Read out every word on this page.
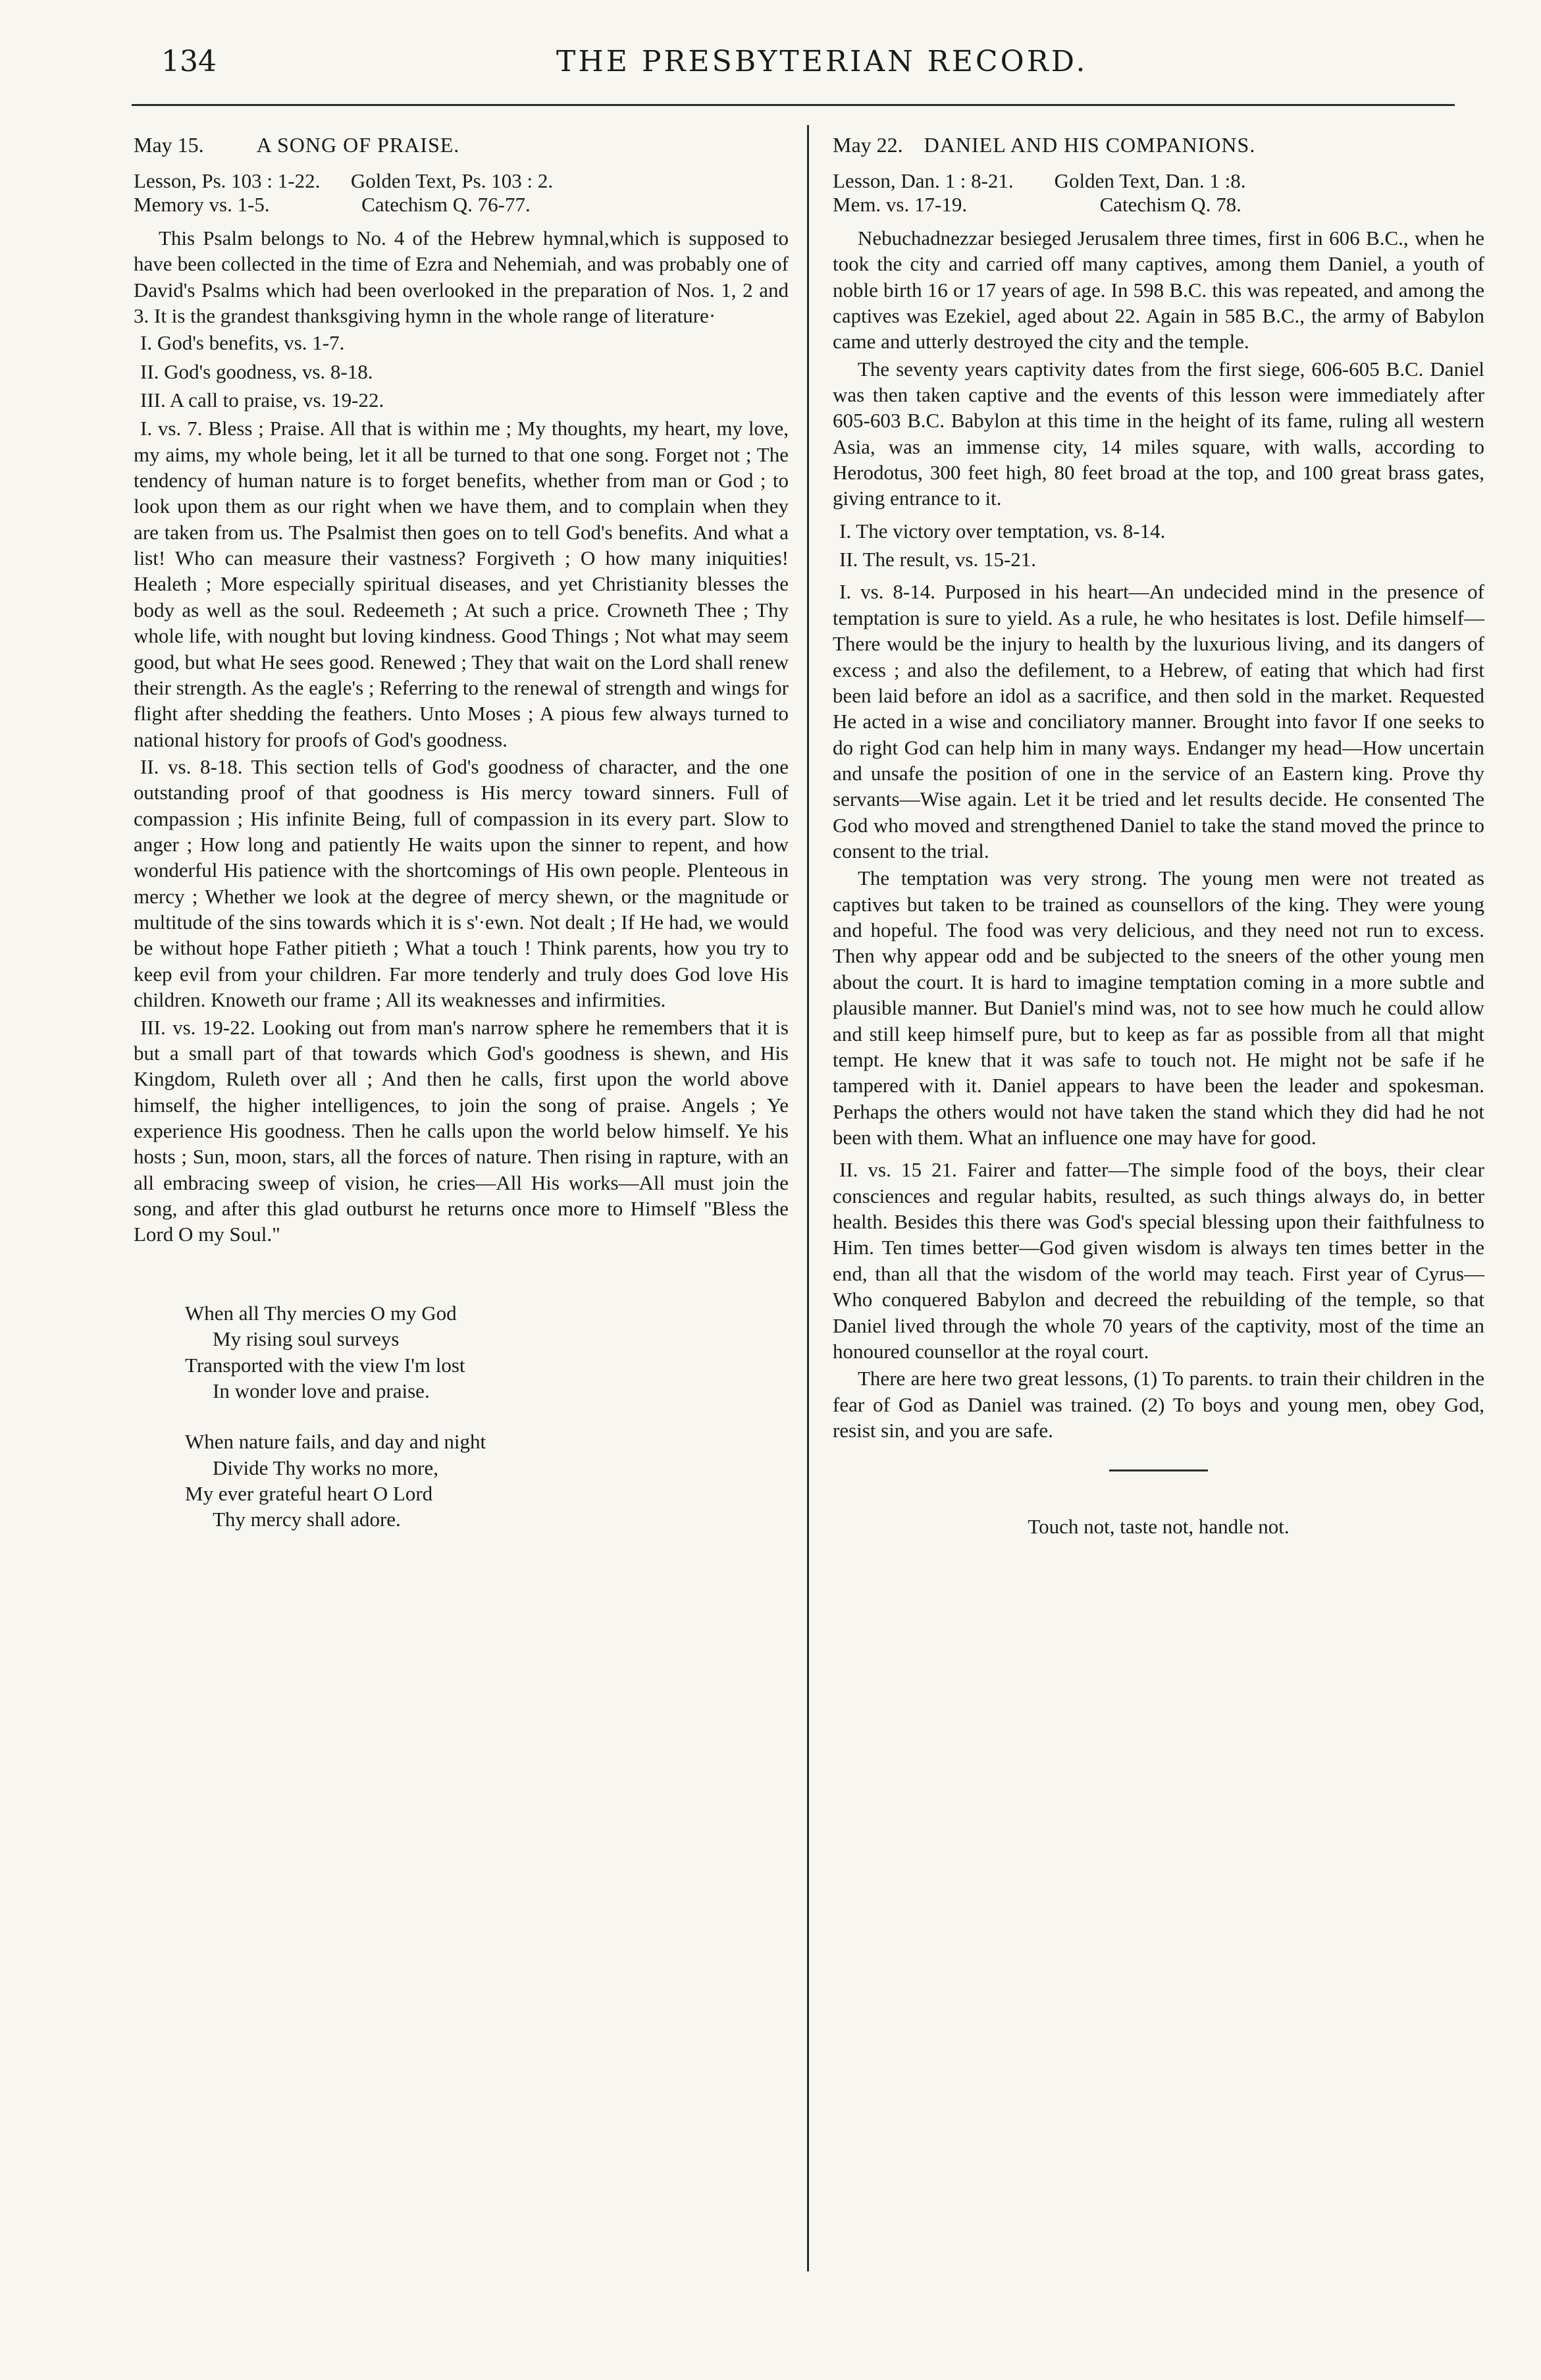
134	THE PRESBYTERIAN RECORD.

May 15.	A SONG OF PRAISE.

Lesson, Ps. 103 : 1-22.      Golden Text, Ps. 103 : 2.
Memory vs. 1-5.                  Catechism Q. 76-77.

This Psalm belongs to No. 4 of the Hebrew hymnal,which is supposed to have been collected in the time of Ezra and Nehemiah, and was probably one of David's Psalms which had been overlooked in the preparation of Nos. 1, 2 and 3. It is the grandest thanksgiving hymn in the whole range of literature·

I. God's benefits, vs. 1-7.

II. God's goodness, vs. 8-18.

III. A call to praise, vs. 19-22.

I. vs. 7. Bless ; Praise. All that is within me ; My thoughts, my heart, my love, my aims, my whole being, let it all be turned to that one song. Forget not ; The tendency of human nature is to forget benefits, whether from man or God ; to look upon them as our right when we have them, and to complain when they are taken from us. The Psalmist then goes on to tell God's benefits. And what a list! Who can measure their vastness? Forgiveth ; O how many iniquities! Healeth ; More especially spiritual diseases, and yet Christianity blesses the body as well as the soul. Redeemeth ; At such a price. Crowneth Thee ; Thy whole life, with nought but loving kindness. Good Things ; Not what may seem good, but what He sees good. Renewed ; They that wait on the Lord shall renew their strength. As the eagle's ; Referring to the renewal of strength and wings for flight after shedding the feathers. Unto Moses ; A pious few always turned to national history for proofs of God's goodness.

II. vs. 8-18. This section tells of God's goodness of character, and the one outstanding proof of that goodness is His mercy toward sinners. Full of compassion ; His infinite Being, full of compassion in its every part. Slow to anger ; How long and patiently He waits upon the sinner to repent, and how wonderful His patience with the shortcomings of His own people. Plenteous in mercy ; Whether we look at the degree of mercy shewn, or the magnitude or multitude of the sins towards which it is s'·ewn. Not dealt ; If He had, we would be without hope Father pitieth ; What a touch ! Think parents, how you try to keep evil from your children. Far more tenderly and truly does God love His children. Knoweth our frame ; All its weaknesses and infirmities.

III. vs. 19-22. Looking out from man's narrow sphere he remembers that it is but a small part of that towards which God's goodness is shewn, and His Kingdom, Ruleth over all ; And then he calls, first upon the world above himself, the higher intelligences, to join the song of praise. Angels ; Ye experience His goodness. Then he calls upon the world below himself. Ye his hosts ; Sun, moon, stars, all the forces of nature. Then rising in rapture, with an all embracing sweep of vision, he cries—All His works—All must join the song, and after this glad outburst he returns once more to Himself "Bless the Lord O my Soul."

When all Thy mercies O my God
My rising soul surveys
Transported with the view I'm lost
In wonder love and praise.
When nature fails, and day and night
Divide Thy works no more,
My ever grateful heart O Lord
Thy mercy shall adore.

May 22. DANIEL AND HIS COMPANIONS.

Lesson, Dan. 1 : 8-21.        Golden Text, Dan. 1 :8.
Mem. vs. 17-19.                          Catechism Q. 78.

Nebuchadnezzar besieged Jerusalem three times, first in 606 B.C., when he took the city and carried off many captives, among them Daniel, a youth of noble birth 16 or 17 years of age. In 598 B.C. this was repeated, and among the captives was Ezekiel, aged about 22. Again in 585 B.C., the army of Babylon came and utterly destroyed the city and the temple.

The seventy years captivity dates from the first siege, 606-605 B.C. Daniel was then taken captive and the events of this lesson were immediately after 605-603 B.C. Babylon at this time in the height of its fame, ruling all western Asia, was an immense city, 14 miles square, with walls, according to Herodotus, 300 feet high, 80 feet broad at the top, and 100 great brass gates, giving entrance to it.

I. The victory over temptation, vs. 8-14.

II. The result, vs. 15-21.

I. vs. 8-14. Purposed in his heart—An undecided mind in the presence of temptation is sure to yield. As a rule, he who hesitates is lost. Defile himself—There would be the injury to health by the luxurious living, and its dangers of excess ; and also the defilement, to a Hebrew, of eating that which had first been laid before an idol as a sacrifice, and then sold in the market. Requested He acted in a wise and conciliatory manner. Brought into favor If one seeks to do right God can help him in many ways. Endanger my head—How uncertain and unsafe the position of one in the service of an Eastern king. Prove thy servants—Wise again. Let it be tried and let results decide. He consented The God who moved and strengthened Daniel to take the stand moved the prince to consent to the trial.

The temptation was very strong. The young men were not treated as captives but taken to be trained as counsellors of the king. They were young and hopeful. The food was very delicious, and they need not run to excess. Then why appear odd and be subjected to the sneers of the other young men about the court. It is hard to imagine temptation coming in a more subtle and plausible manner. But Daniel's mind was, not to see how much he could allow and still keep himself pure, but to keep as far as possible from all that might tempt. He knew that it was safe to touch not. He might not be safe if he tampered with it. Daniel appears to have been the leader and spokesman. Perhaps the others would not have taken the stand which they did had he not been with them. What an influence one may have for good.

II. vs. 15 21. Fairer and fatter—The simple food of the boys, their clear consciences and regular habits, resulted, as such things always do, in better health. Besides this there was God's special blessing upon their faithfulness to Him. Ten times better—God given wisdom is always ten times better in the end, than all that the wisdom of the world may teach. First year of Cyrus—Who conquered Babylon and decreed the rebuilding of the temple, so that Daniel lived through the whole 70 years of the captivity, most of the time an honoured counsellor at the royal court.

There are here two great lessons, (1) To parents. to train their children in the fear of God as Daniel was trained. (2) To boys and young men, obey God, resist sin, and you are safe.

Touch not, taste not, handle not.
